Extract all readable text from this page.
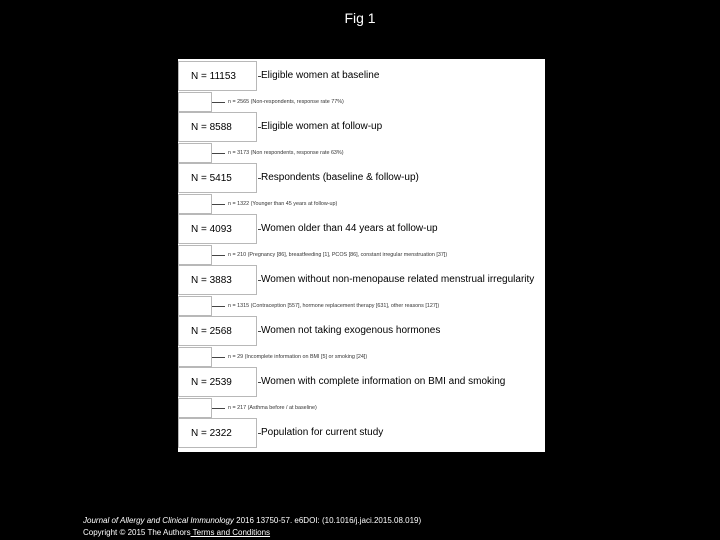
Fig 1
N = 11153	Eligible women at baseline
N = 8588	Eligible women at follow-up
N = 5415	Respondents (baseline & follow-up)
N = 4093	Women older than 44 years at follow-up
N = 3883	Women without non-menopause related menstrual irregularity
N = 2568	Women not taking exogenous hormones
N = 2539	Women with complete information on BMI and smoking
N = 2322	Population for current study
n = 2565 (Non-respondents, response rate 77%)
n = 3173 (Non respondents, response rate 63%)
n = 1322 (Younger than 45 years at follow-up)
n = 210 (Pregnancy [86], breastfeeding [1], PCOS [86], constant irregular menstruation [37])
n = 1315 (Contraception [557], hormone replacement therapy [631], other reasons [127])
n = 29 (Incomplete information on BMI [5] or smoking [24])
n = 217 (Asthma before / at baseline)
Journal of Allergy and Clinical Immunology 2016 13750-57. e6DOI: (10.1016/j.jaci.2015.08.019)
Copyright © 2015 The Authors Terms and Conditions
